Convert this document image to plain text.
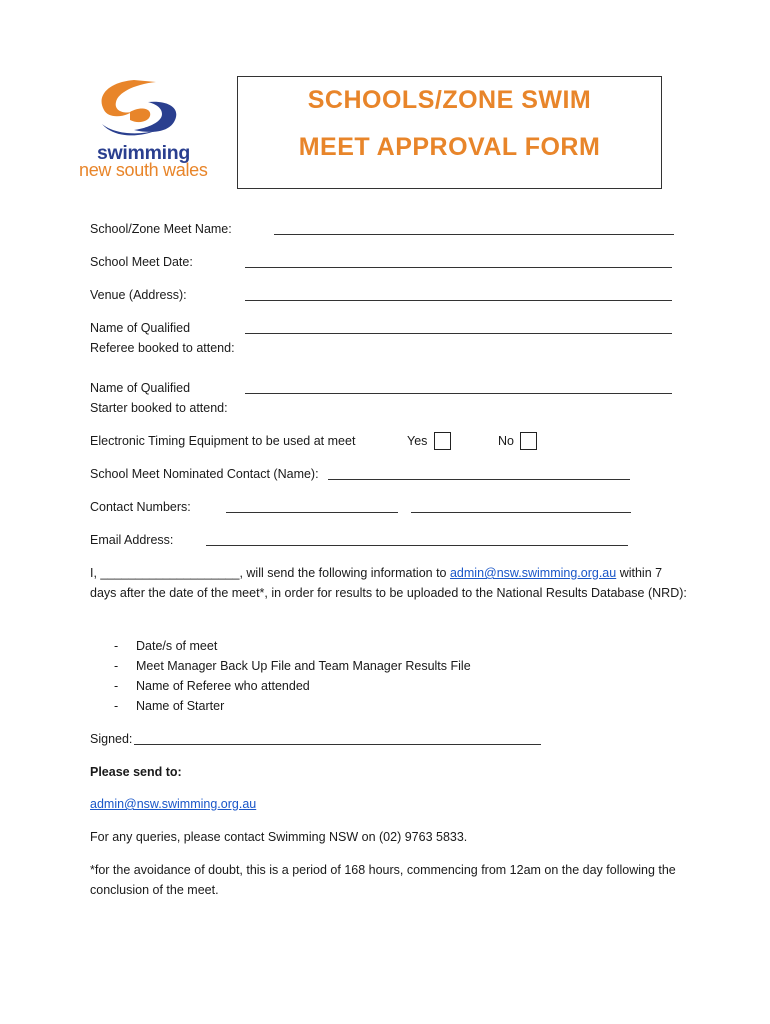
swimming
new south wales
SCHOOLS/ZONE SWIM
MEET APPROVAL FORM
School/Zone Meet Name:
School Meet Date:
Venue (Address):
Name of Qualified
Referee booked to attend:
Name of Qualified
Starter booked to attend:
Electronic Timing Equipment to be used at meet	Yes	No
School Meet Nominated Contact (Name):
Contact Numbers:
Email Address:
I, ____________________, will send the following information to admin@nsw.swimming.org.au within 7 days after the date of the meet*, in order for results to be uploaded to the National Results Database (NRD):
- Date/s of meet
- Meet Manager Back Up File and Team Manager Results File
- Name of Referee who attended
- Name of Starter
Signed:
Please send to:
admin@nsw.swimming.org.au
For any queries, please contact Swimming NSW on (02) 9763 5833.
*for the avoidance of doubt, this is a period of 168 hours, commencing from 12am on the day following the conclusion of the meet.
